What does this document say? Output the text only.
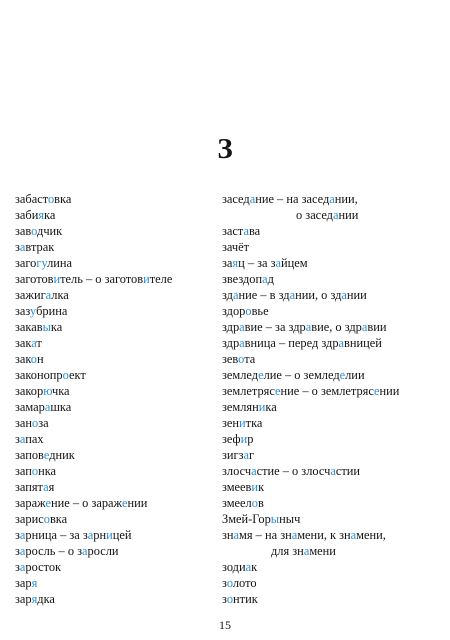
З
забастовка
забияка
заводчик
завтрак
загогулина
заготовитель – о заготовителе
зажигалка
зазубрина
закавыка
закат
закон
законопроект
закорючка
замарашка
заноза
запах
заповедник
запонка
запятая
заражение – о заражении
зарисовка
зарница – за зарницей
заросль – о заросли
заросток
заря
зарядка
заседание – на заседании,
о заседании
застава
зачёт
заяц – за зайцем
звездопад
здание – в здании, о здании
здоровье
здравие – за здравие, о здравии
здравница – перед здравницей
зевота
земледелие – о земледелии
землетрясение – о землетрясении
земляника
зенитка
зефир
зигзаг
злосчастие – о злосчастии
змеевик
змеелов
Змей-Горыныч
знамя – на знамени, к знамени,
для знамени
зодиак
золото
зонтик
15
